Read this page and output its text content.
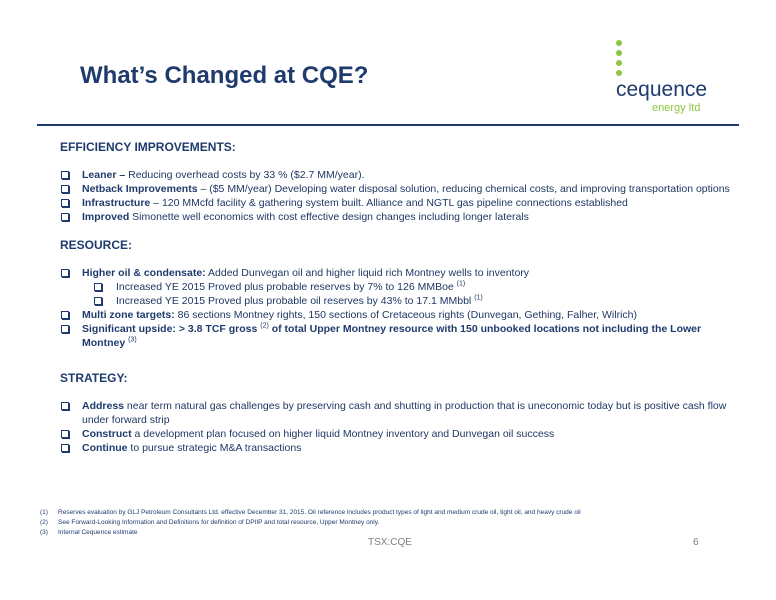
What’s Changed at CQE?
cequence
energy ltd

EFFICIENCY IMPROVEMENTS:

Leaner – Reducing overhead costs by 33 % ($2.7 MM/year).
Netback Improvements – ($5 MM/year) Developing water disposal solution, reducing chemical costs, and improving transportation options
Infrastructure – 120 MMcfd facility & gathering system built. Alliance and NGTL gas pipeline connections established
Improved Simonette well economics with cost effective design changes including longer laterals

RESOURCE:

Higher oil & condensate: Added Dunvegan oil and higher liquid rich Montney wells to inventory
Increased YE 2015 Proved plus probable reserves by 7% to 126 MMBoe $^{(1)}$
Increased YE 2015 Proved plus probable oil reserves by 43% to 17.1 MMbbl $^{(1)}$
Multi zone targets: 86 sections Montney rights, 150 sections of Cretaceous rights (Dunvegan, Gething, Falher, Wilrich)
Significant upside: > 3.8 TCF gross $^{(2)}$ of total Upper Montney resource with 150 unbooked locations not including the Lower Montney $^{(3)}$

STRATEGY:

Address near term natural gas challenges by preserving cash and shutting in production that is uneconomic today but is positive cash flow under forward strip
Construct a development plan focused on higher liquid Montney inventory and Dunvegan oil success
Continue to pursue strategic M&A transactions
(1) Reserves evaluation by GLJ Petroleum Consultants Ltd. effective December 31, 2015. Oil reference includes product types of light and medium crude oil, tight oil, and heavy crude oil
(2) See Forward-Looking Information and Definitions for definition of DPIIP and total resource, Upper Montney only.
(3) Internal Cequence estimate
TSX:CQE	6
